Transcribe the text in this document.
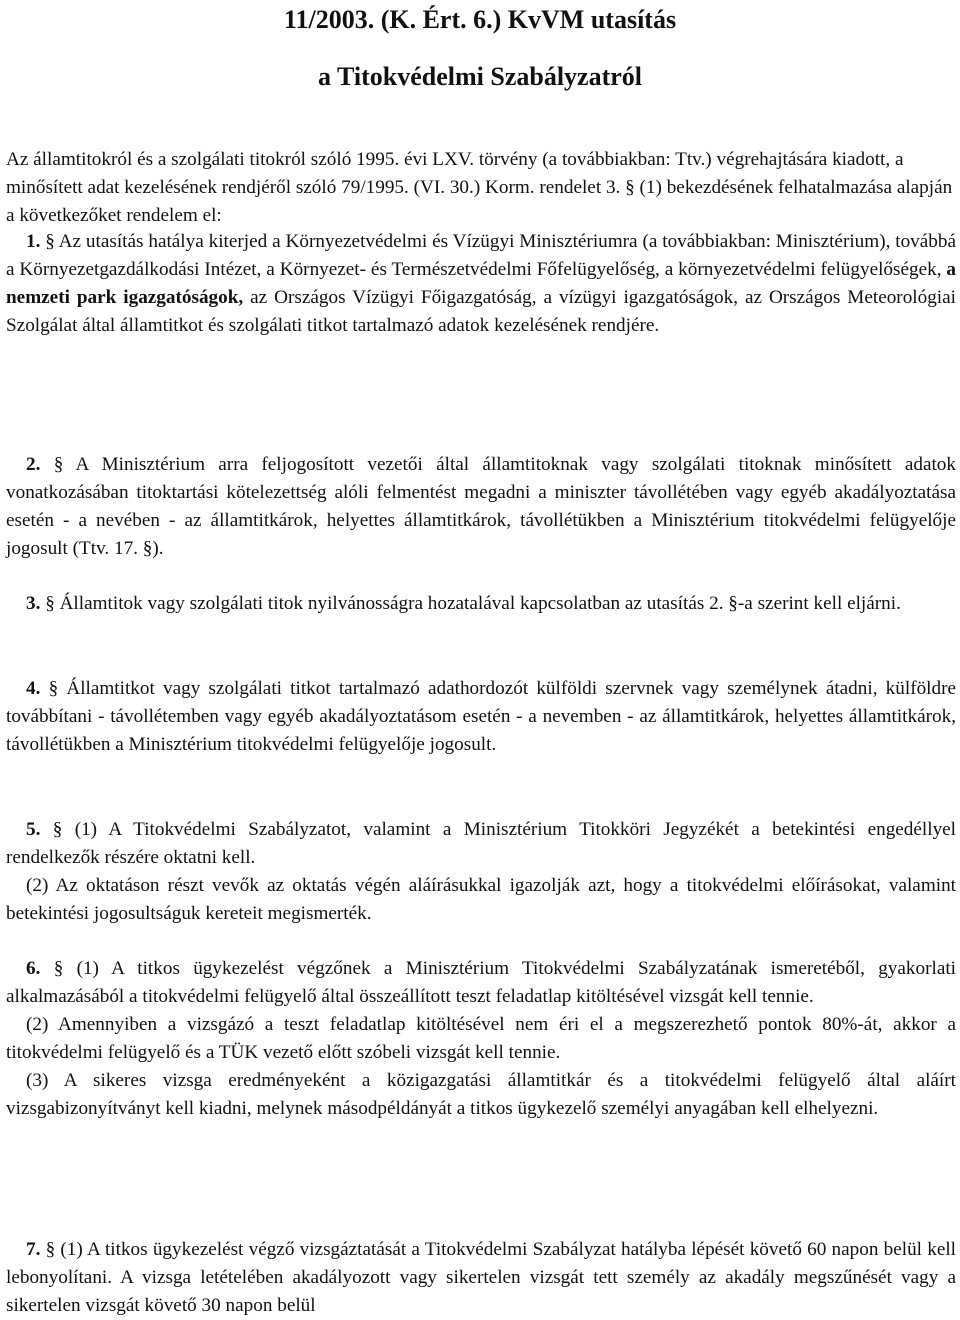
11/2003. (K. Ért. 6.) KvVM utasítás
a Titokvédelmi Szabályzatról

Az államtitokról és a szolgálati titokról szóló 1995. évi LXV. törvény (a továbbiakban: Ttv.) végrehajtására kiadott, a minősített adat kezelésének rendjéről szóló 79/1995. (VI. 30.) Korm. rendelet 3. § (1) bekezdésének felhatalmazása alapján a következőket rendelem el:

1. § Az utasítás hatálya kiterjed a Környezetvédelmi és Vízügyi Minisztériumra (a továbbiakban: Minisztérium), továbbá a Környezetgazdálkodási Intézet, a Környezet- és Természetvédelmi Főfelügyelőség, a környezetvédelmi felügyelőségek, a nemzeti park igazgatóságok, az Országos Vízügyi Főigazgatóság, a vízügyi igazgatóságok, az Országos Meteorológiai Szolgálat által államtitkot és szolgálati titkot tartalmazó adatok kezelésének rendjére.

2. § A Minisztérium arra feljogosított vezetői által államtitoknak vagy szolgálati titoknak minősített adatok vonatkozásában titoktartási kötelezettség alóli felmentést megadni a miniszter távollétében vagy egyéb akadályoztatása esetén - a nevében - az államtitkárok, helyettes államtitkárok, távollétükben a Minisztérium titokvédelmi felügyelője jogosult (Ttv. 17. §).

3. § Államtitok vagy szolgálati titok nyilvánosságra hozatalával kapcsolatban az utasítás 2. §-a szerint kell eljárni.

4. § Államtitkot vagy szolgálati titkot tartalmazó adathordozót külföldi szervnek vagy személynek átadni, külföldre továbbítani - távollétemben vagy egyéb akadályoztatásom esetén - a nevemben - az államtitkárok, helyettes államtitkárok, távollétükben a Minisztérium titokvédelmi felügyelője jogosult.

5. § (1) A Titokvédelmi Szabályzatot, valamint a Minisztérium Titokköri Jegyzékét a betekintési engedéllyel rendelkezők részére oktatni kell.
(2) Az oktatáson részt vevők az oktatás végén aláírásukkal igazolják azt, hogy a titokvédelmi előírásokat, valamint betekintési jogosultságuk kereteit megismerték.
6. § (1) A titkos ügykezelést végzőnek a Minisztérium Titokvédelmi Szabályzatának ismeretéből, gyakorlati alkalmazásából a titokvédelmi felügyelő által összeállított teszt feladatlap kitöltésével vizsgát kell tennie.
(2) Amennyiben a vizsgázó a teszt feladatlap kitöltésével nem éri el a megszerezhető pontok 80%-át, akkor a titokvédelmi felügyelő és a TÜK vezető előtt szóbeli vizsgát kell tennie.
(3) A sikeres vizsga eredményeként a közigazgatási államtitkár és a titokvédelmi felügyelő által aláírt vizsgabizonyítványt kell kiadni, melynek másodpéldányát a titkos ügykezelő személyi anyagában kell elhelyezni.

7. § (1) A titkos ügykezelést végző vizsgáztatását a Titokvédelmi Szabályzat hatályba lépését követő 60 napon belül kell lebonyolítani. A vizsga letételében akadályozott vagy sikertelen vizsgát tett személy az akadály megszűnését vagy a sikertelen vizsgát követő 30 napon belül
